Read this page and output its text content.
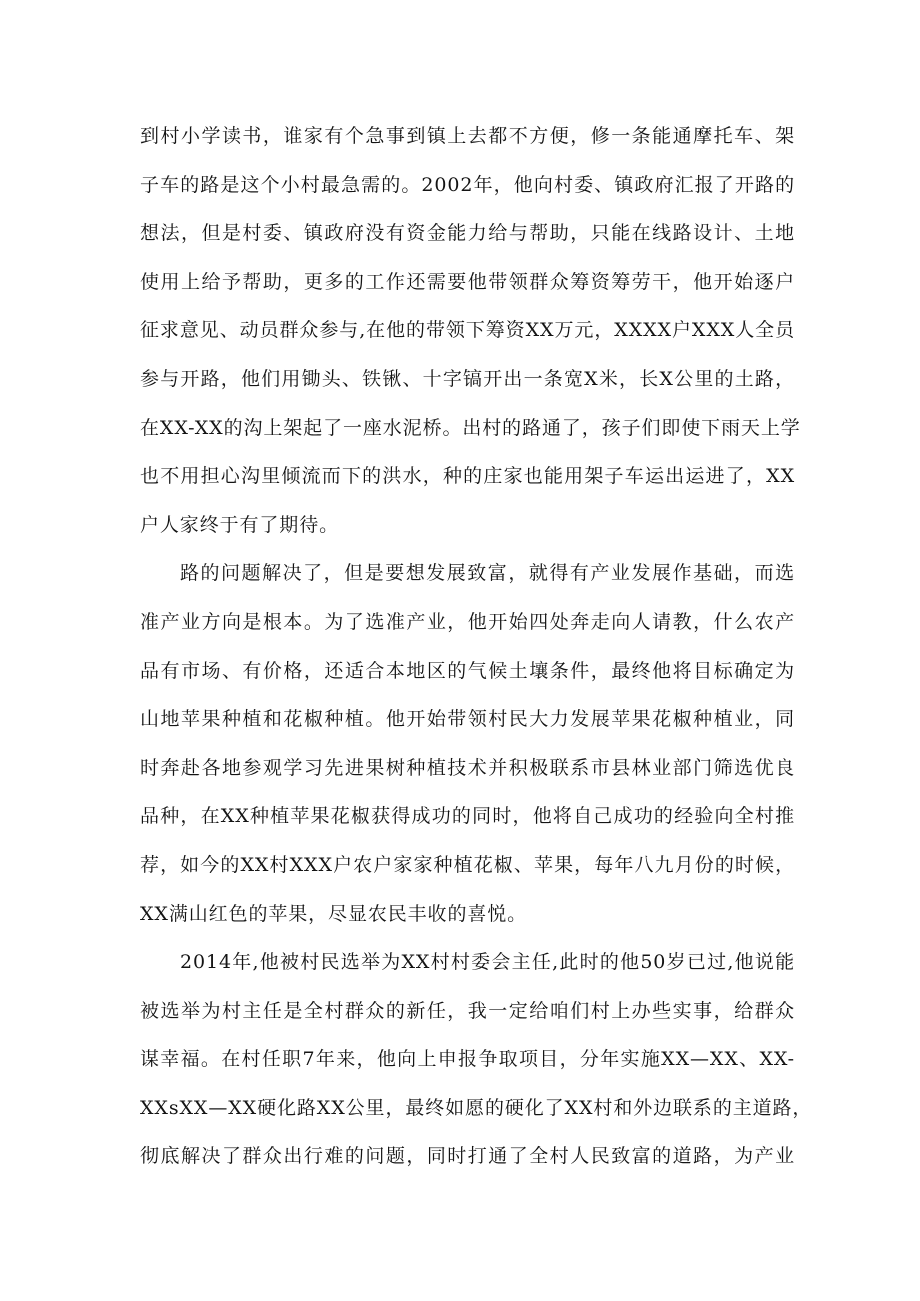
到村小学读书，谁家有个急事到镇上去都不方便，修一条能通摩托车、架
子车的路是这个小村最急需的。2002年，他向村委、镇政府汇报了开路的
想法，但是村委、镇政府没有资金能力给与帮助，只能在线路设计、土地
使用上给予帮助，更多的工作还需要他带领群众筹资筹劳干，他开始逐户
征求意见、动员群众参与,在他的带领下筹资XX万元，XXXX户XXX人全员
参与开路，他们用锄头、铁锹、十字镐开出一条宽X米，长X公里的土路，
在XX-XX的沟上架起了一座水泥桥。出村的路通了，孩子们即使下雨天上学
也不用担心沟里倾流而下的洪水，种的庄家也能用架子车运出运进了，XX
户人家终于有了期待。
路的问题解决了，但是要想发展致富，就得有产业发展作基础，而选
准产业方向是根本。为了选准产业，他开始四处奔走向人请教，什么农产
品有市场、有价格，还适合本地区的气候土壤条件，最终他将目标确定为
山地苹果种植和花椒种植。他开始带领村民大力发展苹果花椒种植业，同
时奔赴各地参观学习先进果树种植技术并积极联系市县林业部门筛选优良
品种，在XX种植苹果花椒获得成功的同时，他将自己成功的经验向全村推
荐，如今的XX村XXX户农户家家种植花椒、苹果，每年八九月份的时候，
XX满山红色的苹果，尽显农民丰收的喜悦。
2014年,他被村民选举为XX村村委会主任,此时的他50岁已过,他说能
被选举为村主任是全村群众的新任，我一定给咱们村上办些实事，给群众
谋幸福。在村任职7年来，他向上申报争取项目，分年实施XX—XX、XX-
XXsXX—XX硬化路XX公里，最终如愿的硬化了XX村和外边联系的主道路，
彻底解决了群众出行难的问题，同时打通了全村人民致富的道路，为产业
